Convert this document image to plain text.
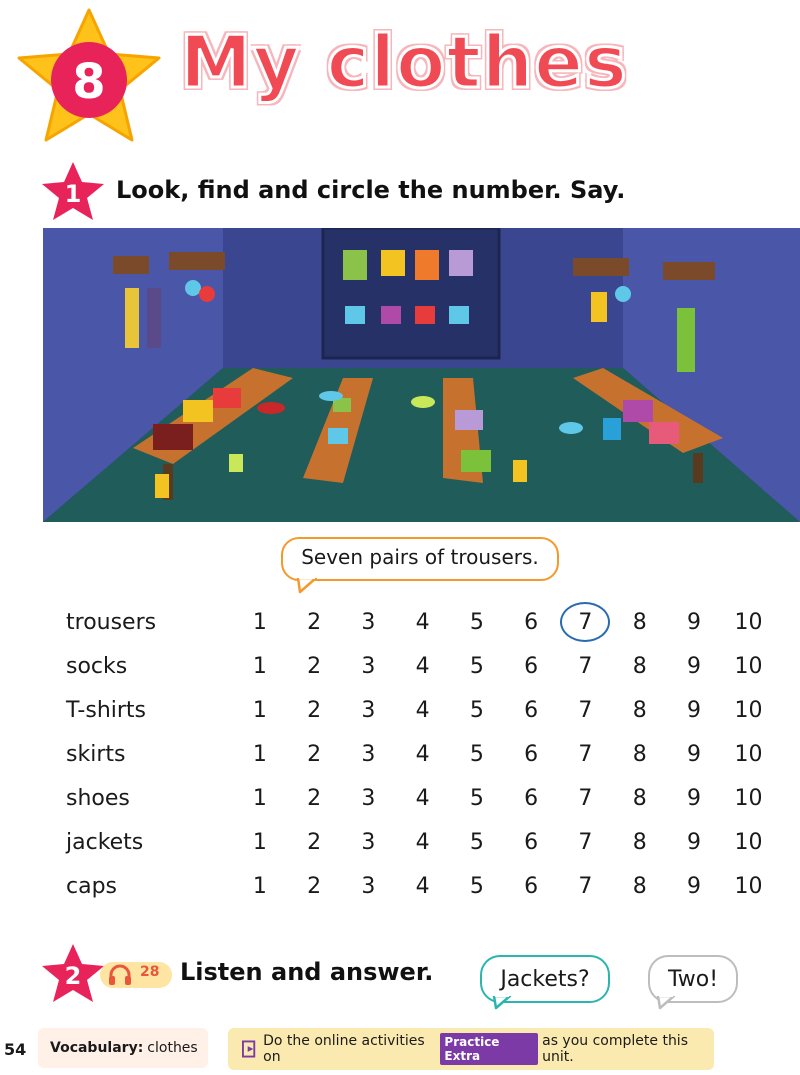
8 My clothes
1 Look, find and circle the number. Say.
Seven pairs of trousers.
trousers	1	2	3	4	5	6	7	8	9	10
socks	1	2	3	4	5	6	7	8	9	10
T-shirts	1	2	3	4	5	6	7	8	9	10
skirts	1	2	3	4	5	6	7	8	9	10
shoes	1	2	3	4	5	6	7	8	9	10
jackets	1	2	3	4	5	6	7	8	9	10
caps	1	2	3	4	5	6	7	8	9	10
2	28 Listen and answer.	Jackets?	Two!
54 Vocabulary: clothes	Do the online activities on
Practice Extra
as you complete this unit.
